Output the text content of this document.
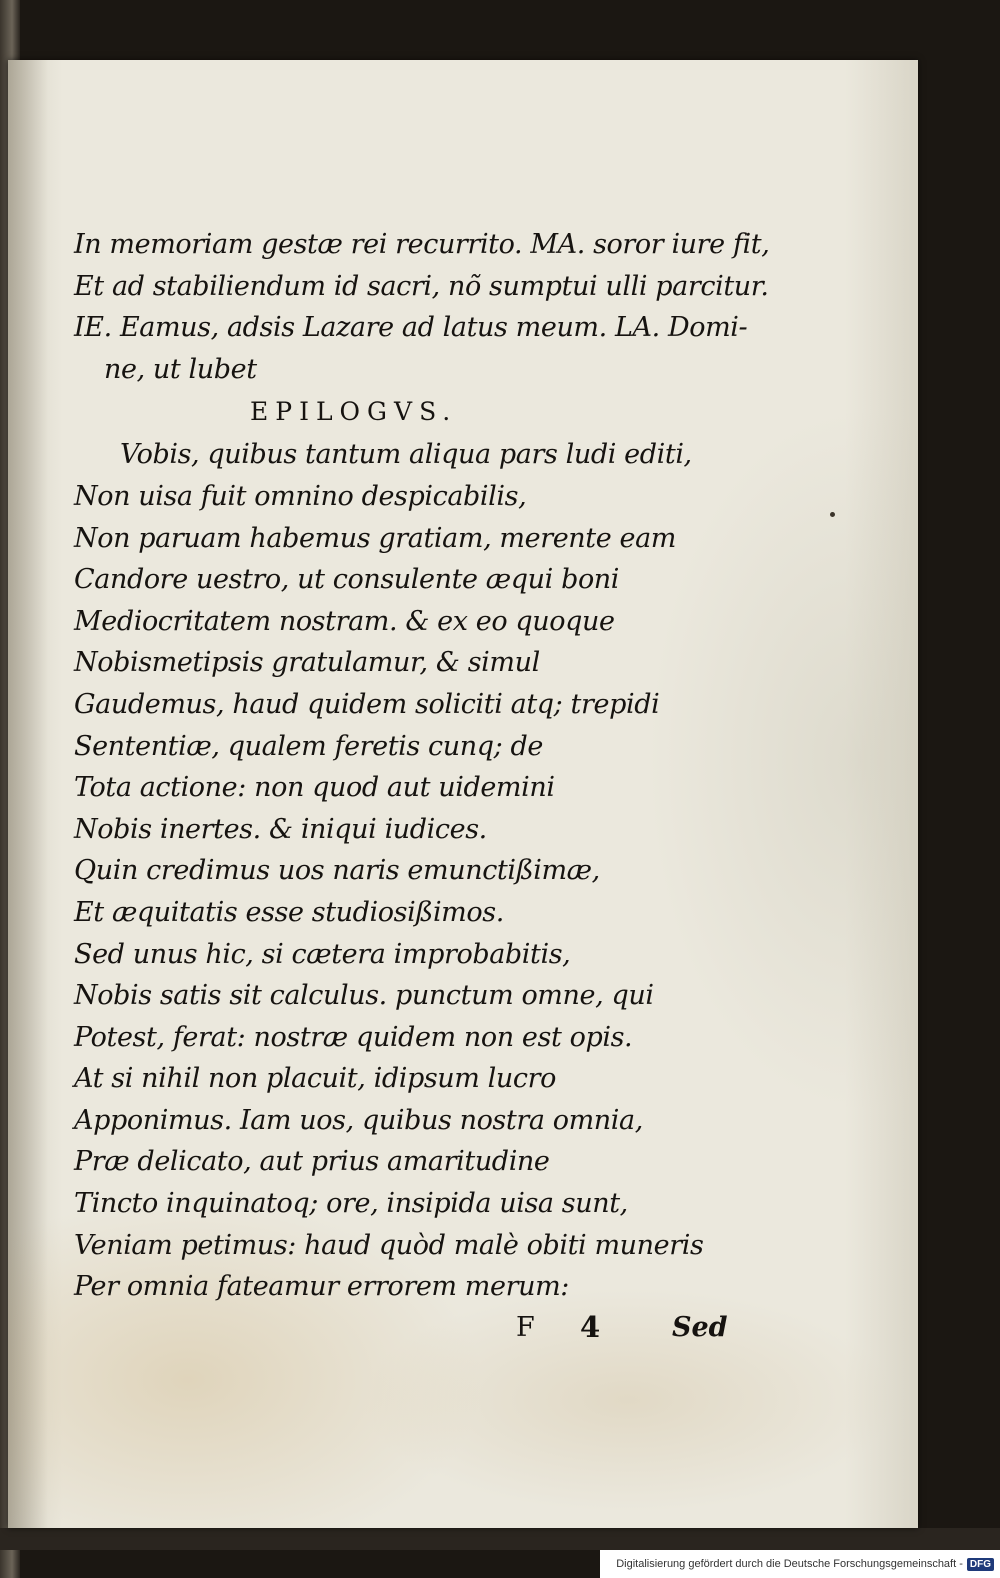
In memoriam gestæ rei recurrito. MA. soror iure fit,
Et ad stabiliendum id sacri, nõ sumptui ulli parcitur.
IE. Eamus, adsis Lazare ad latus meum. LA. Domi-
ne, ut lubet
EPILOGVS.
Vobis, quibus tantum aliqua pars ludi editi,
Non uisa fuit omnino despicabilis,
Non paruam habemus gratiam, merente eam
Candore uestro, ut consulente æqui boni
Mediocritatem nostram. & ex eo quoque
Nobismetipsis gratulamur, & simul
Gaudemus, haud quidem soliciti atq; trepidi
Sententiæ, qualem feretis cunq; de
Tota actione: non quod aut uidemini
Nobis inertes. & iniqui iudices.
Quin credimus uos naris emunctißimæ,
Et æquitatis esse studiosißimos.
Sed unus hic, si cætera improbabitis,
Nobis satis sit calculus. punctum omne, qui
Potest, ferat: nostræ quidem non est opis.
At si nihil non placuit, idipsum lucro
Apponimus. Iam uos, quibus nostra omnia,
Præ delicato, aut prius amaritudine
Tincto inquinatoq; ore, insipida uisa sunt,
Veniam petimus: haud quòd malè obiti muneris
Per omnia fateamur errorem merum:
F 4	Sed
Digitalisierung gefördert durch die Deutsche Forschungsgemeinschaft - DFG
